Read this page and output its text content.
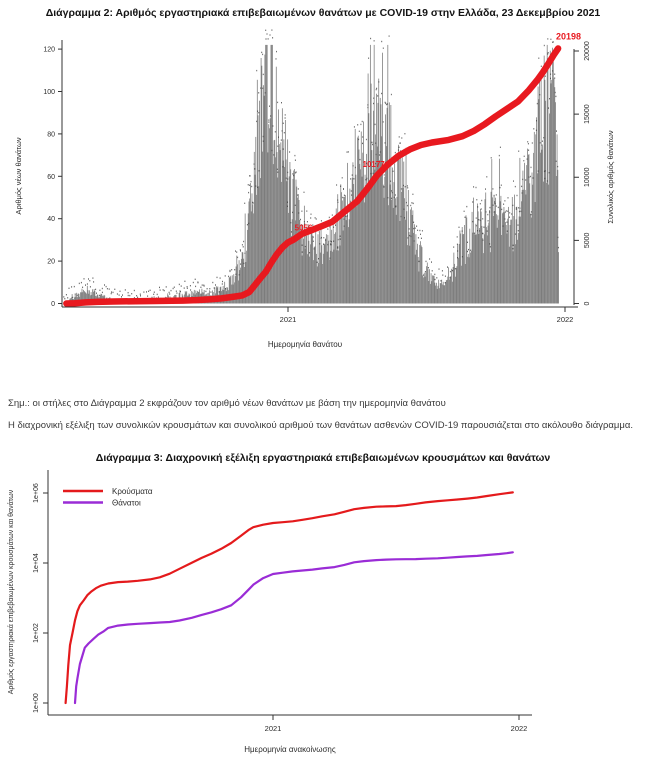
Διάγραμμα 2: Αριθμός εργαστηριακά επιβεβαιωμένων θανάτων με COVID-19 στην Ελλάδα, 23 Δεκεμβρίου 2021
5056
10177
20198
0
20
40
60
80
100
120
Αριθμός νέων θανάτων
2021	2022
Ημερομηνία θανάτου
0
5000
10000
15000
20000
Συνολικός αριθμός θανάτων

Σημ.: οι στήλες στο Διάγραμμα 2 εκφράζουν τον αριθμό νέων θανάτων με βάση την ημερομηνία θανάτου

Η διαχρονική εξέλιξη των συνολικών κρουσμάτων και συνολικού αριθμού των θανάτων ασθενών COVID-19 παρουσιάζεται στο ακόλουθο διάγραμμα.

Διάγραμμα 3: Διαχρονική εξέλιξη εργαστηριακά επιβεβαιωμένων κρουσμάτων και θανάτων
1e+00
1e+02
1e+04
1e+06
Αριθμός εργαστηριακά επιβεβαιωμένων κρουσμάτων και θανάτων
2021	2022
Ημερομηνία ανακοίνωσης
Κρούσματα
Θάνατοι
